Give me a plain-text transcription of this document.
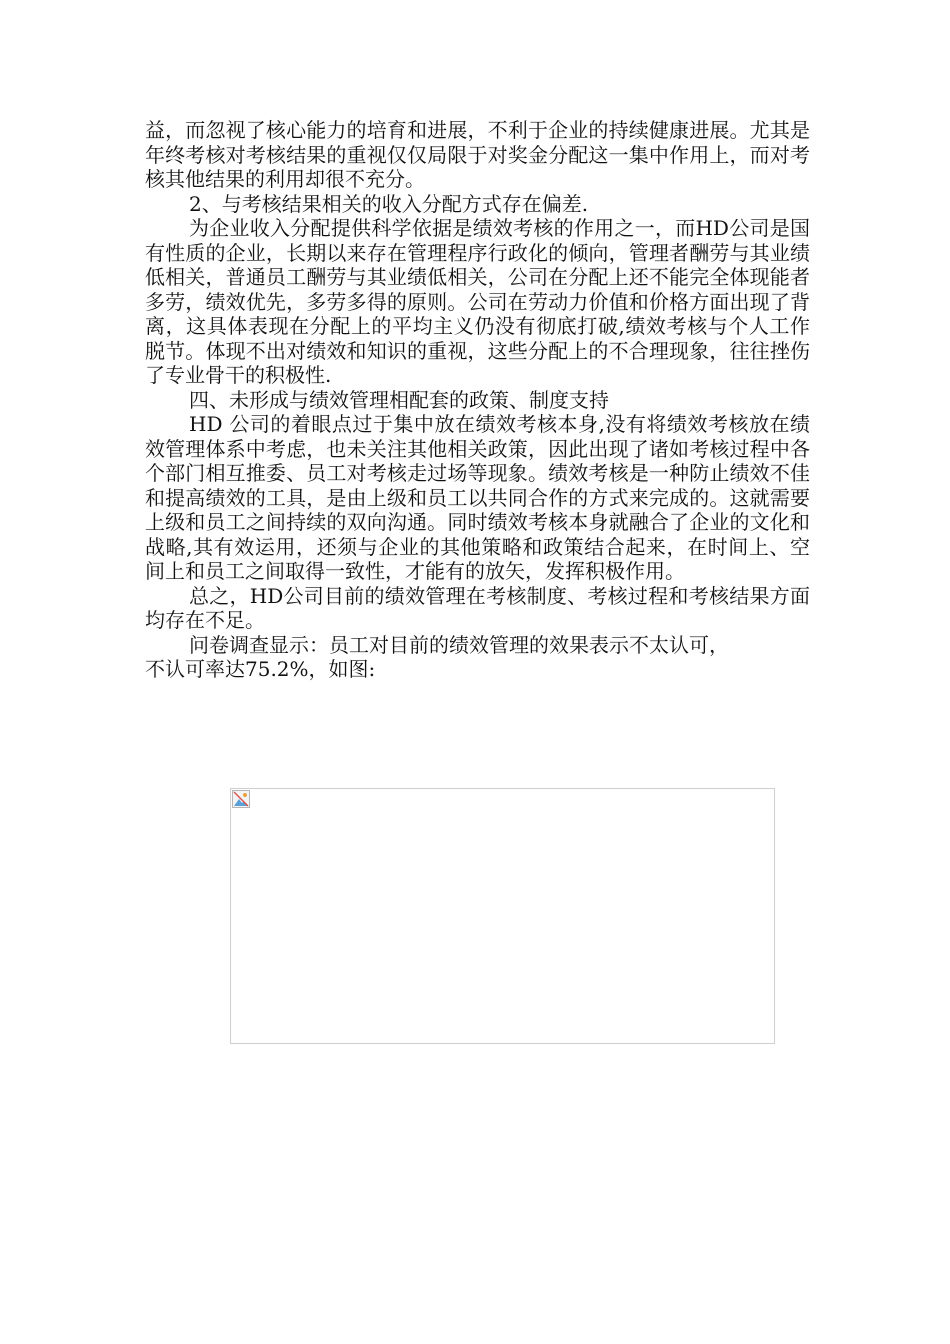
益，而忽视了核心能力的培育和进展，不利于企业的持续健康进展。尤其是年终考核对考核结果的重视仅仅局限于对奖金分配这一集中作用上，而对考核其他结果的利用却很不充分。

2、与考核结果相关的收入分配方式存在偏差.

为企业收入分配提供科学依据是绩效考核的作用之一，而HD公司是国有性质的企业，长期以来存在管理程序行政化的倾向，管理者酬劳与其业绩低相关，普通员工酬劳与其业绩低相关，公司在分配上还不能完全体现能者多劳，绩效优先，多劳多得的原则。公司在劳动力价值和价格方面出现了背离，这具体表现在分配上的平均主义仍没有彻底打破,绩效考核与个人工作脱节。体现不出对绩效和知识的重视，这些分配上的不合理现象，往往挫伤了专业骨干的积极性.

四、未形成与绩效管理相配套的政策、制度支持

HD 公司的着眼点过于集中放在绩效考核本身,没有将绩效考核放在绩效管理体系中考虑，也未关注其他相关政策，因此出现了诸如考核过程中各个部门相互推委、员工对考核走过场等现象。绩效考核是一种防止绩效不佳和提高绩效的工具，是由上级和员工以共同合作的方式来完成的。这就需要上级和员工之间持续的双向沟通。同时绩效考核本身就融合了企业的文化和战略,其有效运用，还须与企业的其他策略和政策结合起来，在时间上、空间上和员工之间取得一致性，才能有的放矢，发挥积极作用。

总之，HD公司目前的绩效管理在考核制度、考核过程和考核结果方面均存在不足。

问卷调查显示：员工对目前的绩效管理的效果表示不太认可，

不认可率达75.2%，如图:
